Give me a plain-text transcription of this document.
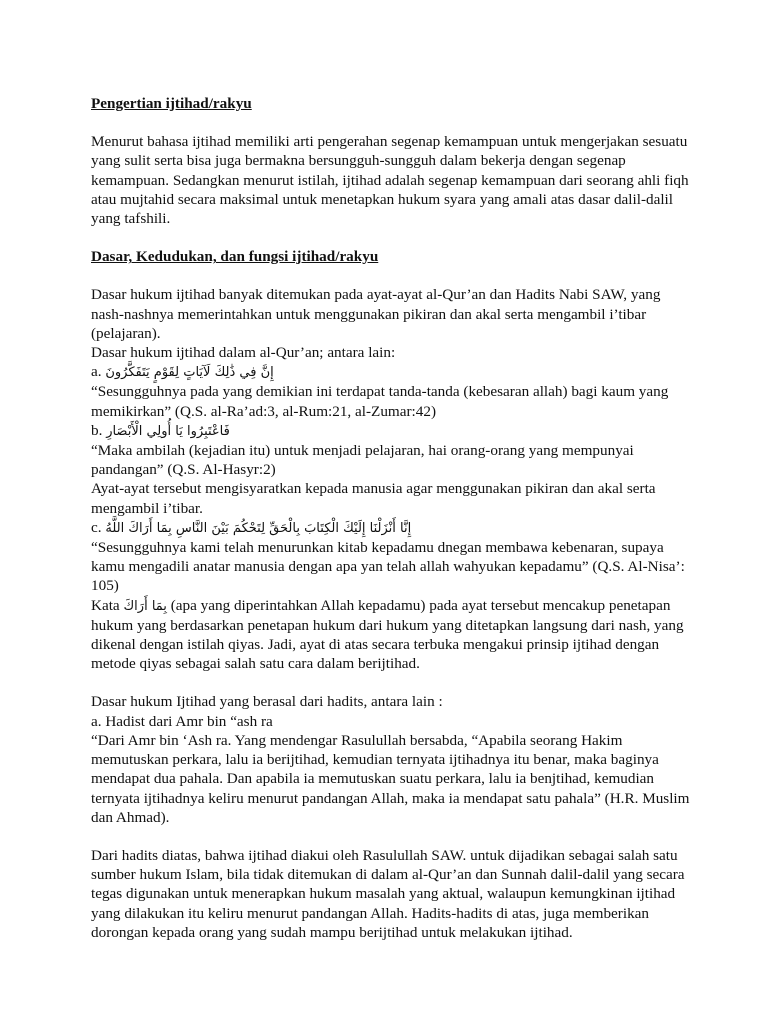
Pengertian ijtihad/rakyu

Menurut bahasa ijtihad memiliki arti pengerahan segenap kemampuan untuk mengerjakan sesuatu yang sulit serta bisa juga bermakna bersungguh-sungguh dalam bekerja dengan segenap kemampuan. Sedangkan menurut istilah, ijtihad adalah segenap kemampuan dari seorang ahli fiqh atau mujtahid secara maksimal untuk menetapkan hukum syara yang amali atas dasar dalil-dalil yang tafshili.

Dasar, Kedudukan, dan fungsi ijtihad/rakyu

Dasar hukum ijtihad banyak ditemukan pada ayat-ayat al-Qur’an dan Hadits Nabi SAW, yang nash-nashnya memerintahkan untuk menggunakan pikiran dan akal serta mengambil i’tibar (pelajaran).

Dasar hukum ijtihad dalam al-Qur’an; antara lain:

a. إِنَّ فِي ذَٰلِكَ لَآيَاتٍ لِقَوْمٍ يَتَفَكَّرُونَ

“Sesungguhnya pada yang demikian ini terdapat tanda-tanda (kebesaran allah) bagi kaum yang memikirkan” (Q.S. al-Ra’ad:3, al-Rum:21, al-Zumar:42)

b. فَاعْتَبِرُوا يَا أُولِي الْأَبْصَارِ

“Maka ambilah (kejadian itu) untuk menjadi pelajaran, hai orang-orang yang mempunyai pandangan” (Q.S. Al-Hasyr:2)

Ayat-ayat tersebut mengisyaratkan kepada manusia agar menggunakan pikiran dan akal serta mengambil i’tibar.

c. إِنَّا أَنْزَلْنَا إِلَيْكَ الْكِتَابَ بِالْحَقِّ لِتَحْكُمَ بَيْنَ النَّاسِ بِمَا أَرَاكَ اللَّهُ

“Sesungguhnya kami telah menurunkan kitab kepadamu dnegan membawa kebenaran, supaya kamu mengadili anatar manusia dengan apa yan telah allah wahyukan kepadamu” (Q.S. Al-Nisa’: 105)

Kata بِمَا أَرَاكَ (apa yang diperintahkan Allah kepadamu) pada ayat tersebut mencakup penetapan hukum yang berdasarkan penetapan hukum dari hukum yang ditetapkan langsung dari nash, yang dikenal dengan istilah qiyas. Jadi, ayat di atas secara terbuka mengakui prinsip ijtihad dengan metode qiyas sebagai salah satu cara dalam berijtihad.

Dasar hukum Ijtihad yang berasal dari hadits, antara lain :

a. Hadist dari Amr bin “ash ra

“Dari Amr bin ‘Ash ra. Yang mendengar Rasulullah bersabda, “Apabila seorang Hakim memutuskan perkara, lalu ia berijtihad, kemudian ternyata ijtihadnya itu benar, maka baginya mendapat dua pahala. Dan apabila ia memutuskan suatu perkara, lalu ia benjtihad, kemudian ternyata ijtihadnya keliru menurut pandangan Allah, maka ia mendapat satu pahala” (H.R. Muslim dan Ahmad).

Dari hadits diatas, bahwa ijtihad diakui oleh Rasulullah SAW. untuk dijadikan sebagai salah satu sumber hukum Islam, bila tidak ditemukan di dalam al-Qur’an dan Sunnah dalil-dalil yang secara tegas digunakan untuk menerapkan hukum masalah yang aktual, walaupun kemungkinan ijtihad yang dilakukan itu keliru menurut pandangan Allah. Hadits-hadits di atas, juga memberikan dorongan kepada orang yang sudah mampu berijtihad untuk melakukan ijtihad.
